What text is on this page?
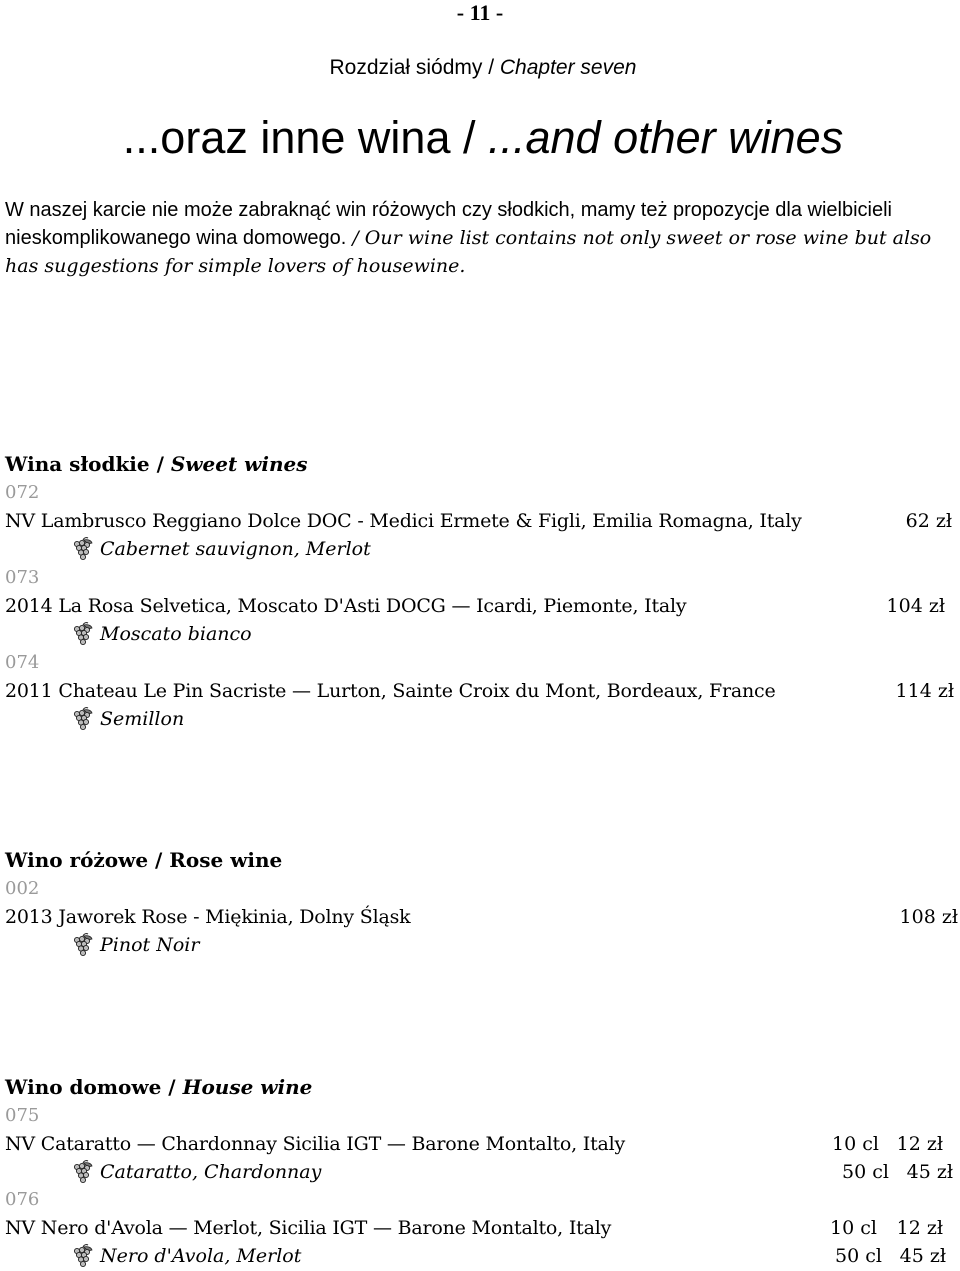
- 11 -
Rozdział siódmy / Chapter seven
...oraz inne wina / ...and other wines
W naszej karcie nie może zabraknąć win różowych czy słodkich, mamy też propozycje dla wielbicieli nieskomplikowanego wina domowego. / Our wine list contains not only sweet or rose wine but also has suggestions for simple lovers of housewine.
Wina słodkie / Sweet wines
072
NV Lambrusco Reggiano Dolce DOC - Medici Ermete & Figli, Emilia Romagna, Italy	62 zł
Cabernet sauvignon, Merlot
073
2014 La Rosa Selvetica, Moscato D'Asti DOCG — Icardi, Piemonte, Italy	104 zł
Moscato bianco
074
2011 Chateau Le Pin Sacriste — Lurton, Sainte Croix du Mont, Bordeaux, France	114 zł
Semillon
Wino różowe / Rose wine
002
2013 Jaworek Rose - Miękinia, Dolny Śląsk	108 zł
Pinot Noir
Wino domowe / House wine
075
NV Cataratto — Chardonnay Sicilia IGT — Barone Montalto, Italy	10 cl 12 zł
Cataratto, Chardonnay	50 cl 45 zł
076
NV Nero d'Avola — Merlot, Sicilia IGT — Barone Montalto, Italy	10 cl 12 zł
Nero d'Avola, Merlot	50 cl 45 zł
